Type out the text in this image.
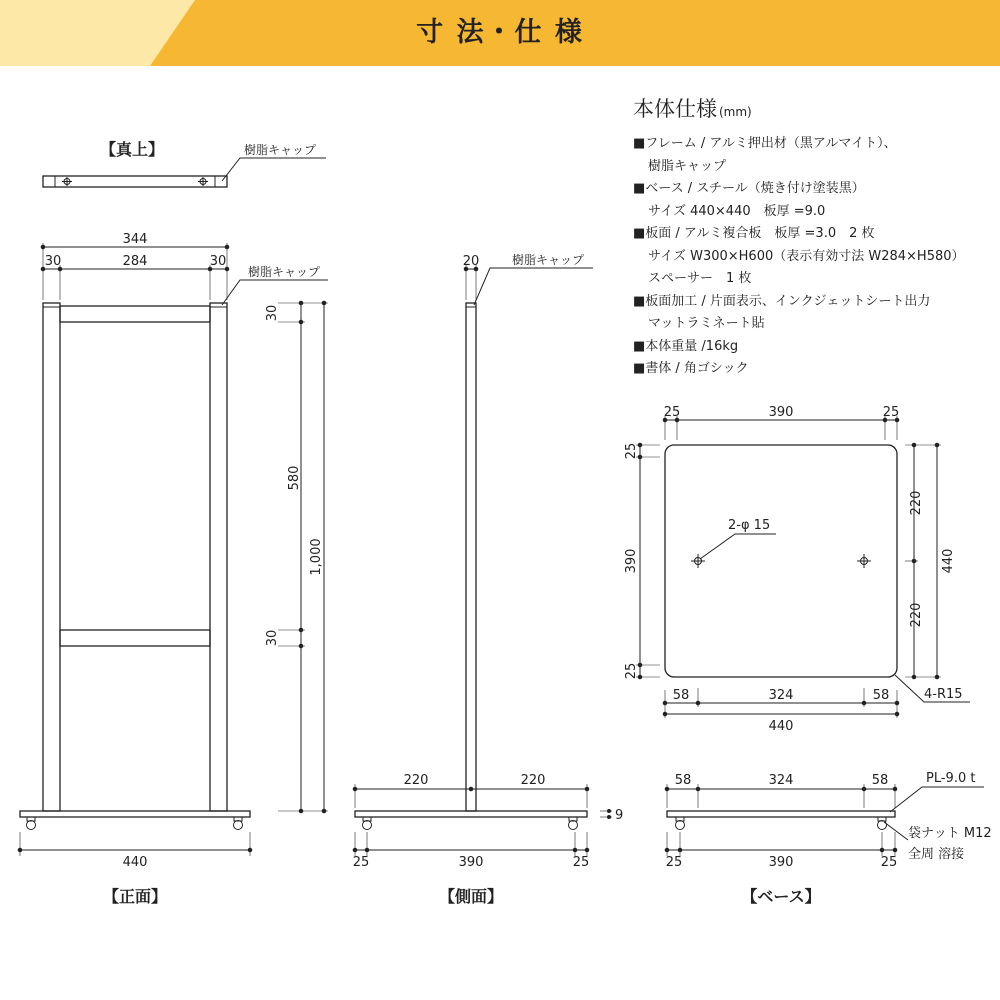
寸 法・仕 様
【真上】	樹脂キャップ
344
30	284	30
樹脂キャップ
30
580
1,000
30
440
【正面】
20	樹脂キャップ
220	220
9
25	390	25
【側面】
2-φ 15
25	390	25
25
390
25
220
220
440
4-R15
58	324	58
440
58	324	58	PL-9.0 t
袋ナット M12
全周 溶接
25	390	25
【ベース】
本体仕様 (mm)
■フレーム / アルミ押出材（黒アルマイト）、
樹脂キャップ
■ベース / スチール（焼き付け塗装黒）
サイズ 440×440　板厚 =9.0
■板面 / アルミ複合板　板厚 =3.0　2 枚
サイズ W300×H600（表示有効寸法 W284×H580）
スペーサー　1 枚
■板面加工 / 片面表示、インクジェットシート出力
マットラミネート貼
■本体重量 /16kg
■書体 / 角ゴシック
